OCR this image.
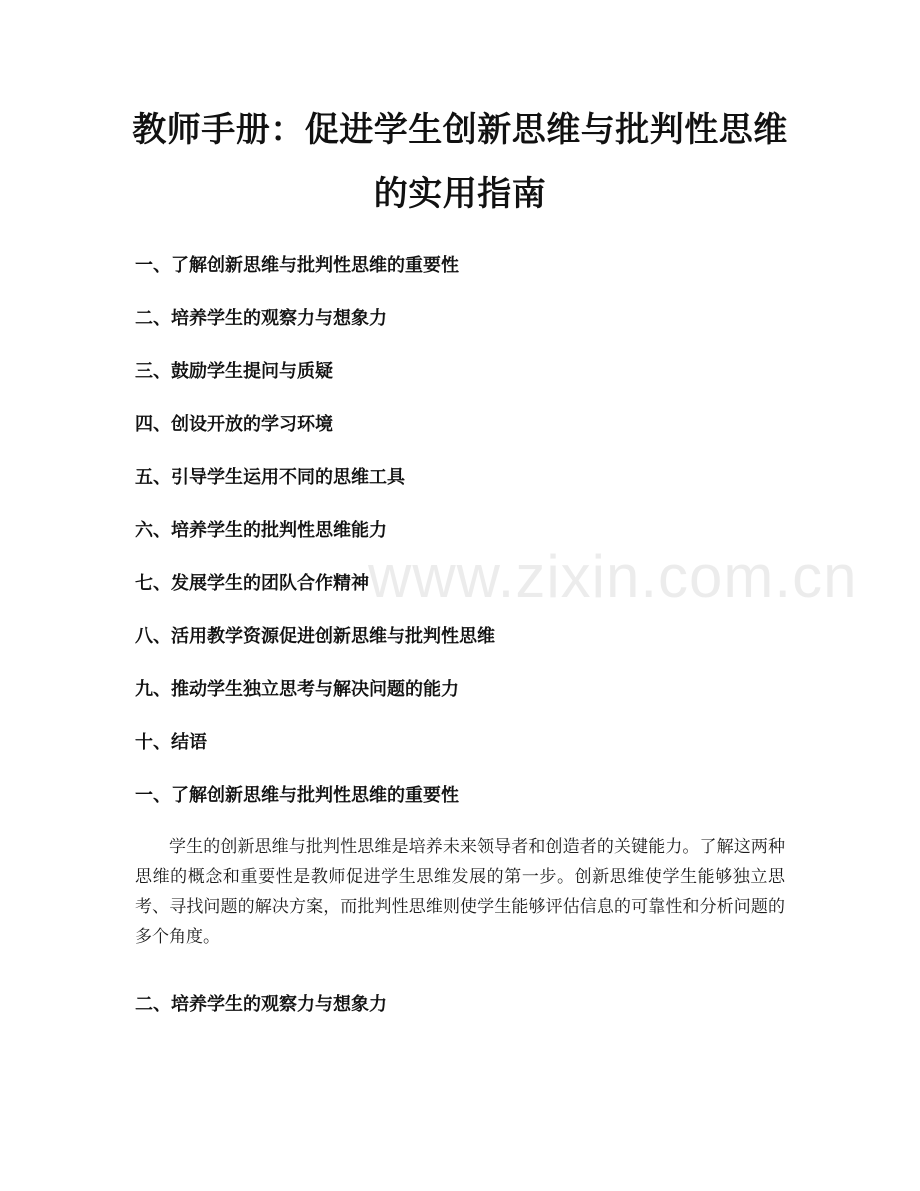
教师手册：促进学生创新思维与批判性思维
的实用指南

一、了解创新思维与批判性思维的重要性

二、培养学生的观察力与想象力

三、鼓励学生提问与质疑

四、创设开放的学习环境

五、引导学生运用不同的思维工具

六、培养学生的批判性思维能力

七、发展学生的团队合作精神

八、活用教学资源促进创新思维与批判性思维

九、推动学生独立思考与解决问题的能力

十、结语

一、了解创新思维与批判性思维的重要性
学生的创新思维与批判性思维是培养未来领导者和创造者的关键能力。了解这两种思维的概念和重要性是教师促进学生思维发展的第一步。创新思维使学生能够独立思考、寻找问题的解决方案，而批判性思维则使学生能够评估信息的可靠性和分析问题的多个角度。
二、培养学生的观察力与想象力
www.zixin.com.cn
